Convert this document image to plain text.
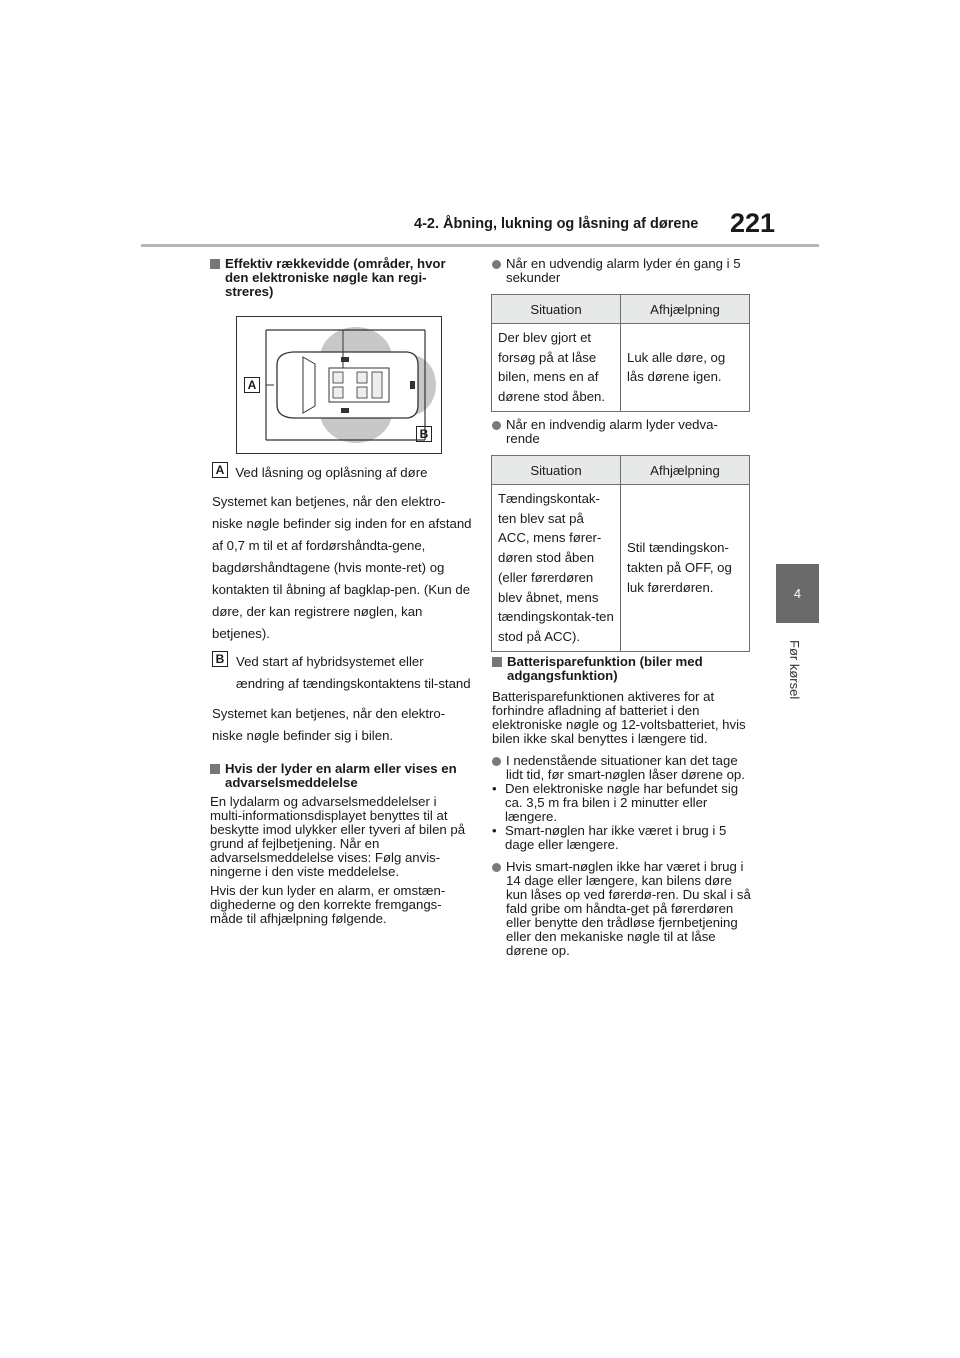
4-2. Åbning, lukning og låsning af dørene 221
4
Før kørsel
Effektiv rækkevidde (områder, hvor den elektroniske nøgle kan regi-streres)
A
B
A Ved låsning og oplåsning af døre

Systemet kan betjenes, når den elektro-niske nøgle befinder sig inden for en afstand af 0,7 m til et af fordørshåndta-gene, bagdørshåndtagene (hvis monte-ret) og kontakten til åbning af bagklap-pen. (Kun de døre, der kan registrere nøglen, kan betjenes).

B Ved start af hybridsystemet eller ændring af tændingskontaktens til-stand

Systemet kan betjenes, når den elektro-niske nøgle befinder sig i bilen.

Hvis der lyder en alarm eller vises en advarselsmeddelelse

En lydalarm og advarselsmeddelelser i multi-informationsdisplayet benyttes til at beskytte imod ulykker eller tyveri af bilen på grund af fejlbetjening. Når en advarselsmeddelelse vises: Følg anvis-ningerne i den viste meddelelse.

Hvis der kun lyder en alarm, er omstæn-dighederne og den korrekte fremgangs-måde til afhjælpning følgende.

Når en udvendig alarm lyder én gang i 5 sekunder
Situation	Afhjælpning
Der blev gjort et forsøg på at låse bilen, mens en af dørene stod åben.	Luk alle døre, og lås dørene igen.
Når en indvendig alarm lyder vedva-rende
Situation	Afhjælpning
Tændingskontak-ten blev sat på ACC, mens fører-døren stod åben (eller førerdøren blev åbnet, mens tændingskontak-ten stod på ACC).	Stil tændingskon-takten på OFF, og luk førerdøren.
Batterisparefunktion (biler med adgangsfunktion)

Batterisparefunktionen aktiveres for at forhindre afladning af batteriet i den elektroniske nøgle og 12-voltsbatteriet, hvis bilen ikke skal benyttes i længere tid.

I nedenstående situationer kan det tage lidt tid, før smart-nøglen låser dørene op.
• Den elektroniske nøgle har befundet sig ca. 3,5 m fra bilen i 2 minutter eller længere.
• Smart-nøglen har ikke været i brug i 5 dage eller længere.
Hvis smart-nøglen ikke har været i brug i 14 dage eller længere, kan bilens døre kun låses op ved førerdø-ren. Du skal i så fald gribe om håndta-get på førerdøren eller benytte den trådløse fjernbetjening eller den mekaniske nøgle til at låse dørene op.
